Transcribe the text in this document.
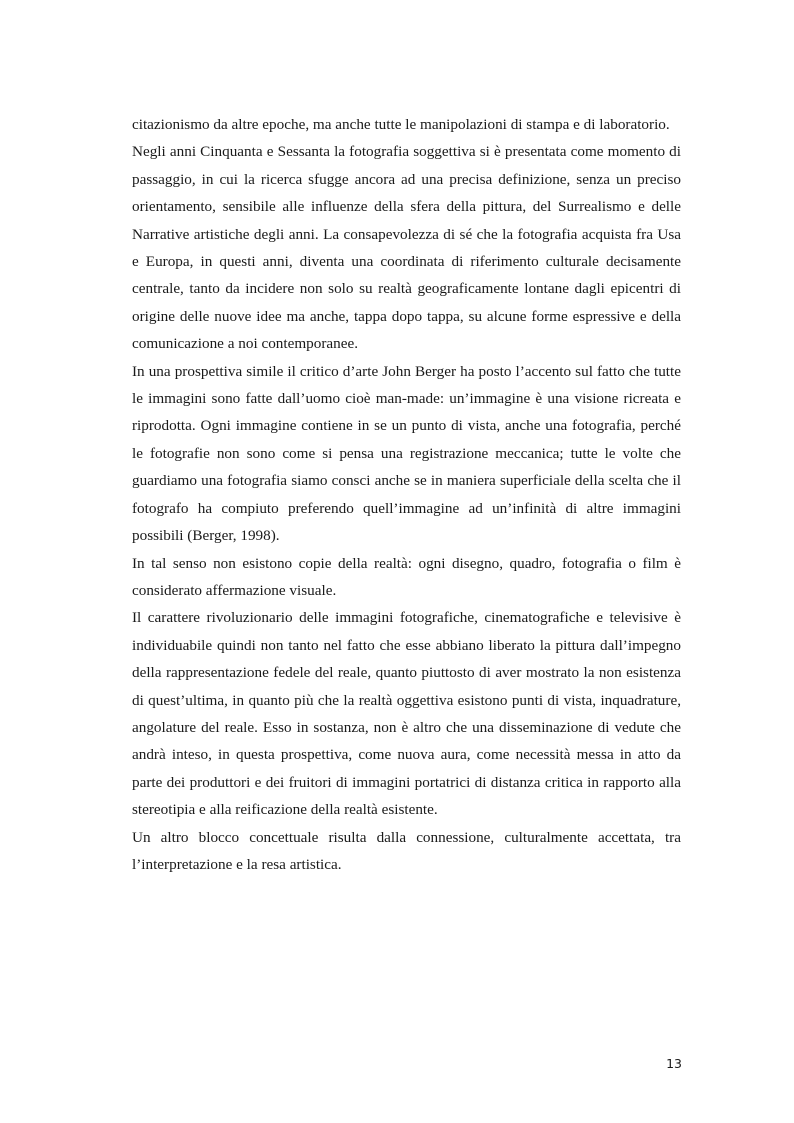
citazionismo da altre epoche, ma anche tutte le manipolazioni di stampa e di laboratorio.

Negli anni Cinquanta e Sessanta la fotografia soggettiva si è presentata come momento di passaggio, in cui la ricerca sfugge ancora ad una precisa definizione, senza un preciso orientamento, sensibile alle influenze della sfera della pittura, del Surrealismo e delle Narrative artistiche degli anni. La consapevolezza di sé che la fotografia acquista fra Usa e Europa, in questi anni, diventa una coordinata di riferimento culturale decisamente centrale, tanto da incidere non solo su realtà geograficamente lontane dagli epicentri di origine delle nuove idee ma anche, tappa dopo tappa, su alcune forme espressive e della comunicazione a noi contemporanee.

In una prospettiva simile il critico d’arte John Berger ha posto l’accento sul fatto che tutte le immagini sono fatte dall’uomo cioè man-made: un’immagine è una visione ricreata e riprodotta. Ogni immagine contiene in se un punto di vista, anche una fotografia, perché le fotografie non sono come si pensa una registrazione meccanica; tutte le volte che guardiamo una fotografia siamo consci anche se in maniera superficiale della scelta che il fotografo ha compiuto preferendo quell’immagine ad un’infinità di altre immagini possibili (Berger, 1998).

In tal senso non esistono copie della realtà: ogni disegno, quadro, fotografia o film è considerato affermazione visuale.

Il carattere rivoluzionario delle immagini fotografiche, cinematografiche e televisive è individuabile quindi non tanto nel fatto che esse abbiano liberato la pittura dall’impegno della rappresentazione fedele del reale, quanto piuttosto di aver mostrato la non esistenza di quest’ultima, in quanto più che la realtà oggettiva esistono punti di vista, inquadrature, angolature del reale. Esso in sostanza, non è altro che una disseminazione di vedute che andrà inteso, in questa prospettiva, come nuova aura, come necessità messa in atto da parte dei produttori e dei fruitori di immagini portatrici di distanza critica in rapporto alla stereotipia e alla reificazione della realtà esistente.

Un altro blocco concettuale risulta dalla connessione, culturalmente accettata, tra l’interpretazione e la resa artistica.

13
